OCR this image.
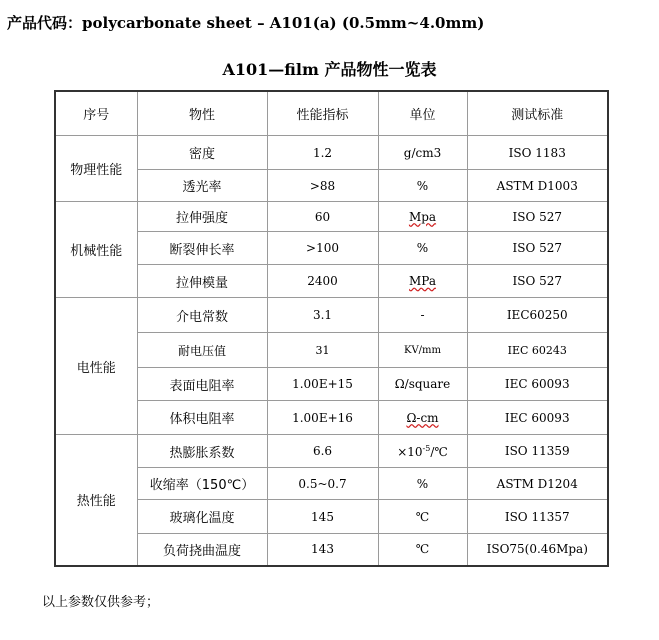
产品代码：polycarbonate sheet – A101(a) (0.5mm~4.0mm)
A101—film 产品物性一览表
序号	物性	性能指标	单位	测试标准
物理性能	密度	1.2	g/cm3	ISO 1183
	透光率	>88	%	ASTM D1003
机械性能	拉伸强度	60	Mpa	ISO 527
	断裂伸长率	>100	%	ISO 527
	拉伸模量	2400	MPa	ISO 527
电性能	介电常数	3.1	-	IEC60250
	耐电压值	31	KV/mm	IEC 60243
	表面电阻率	1.00E+15	Ω/square	IEC 60093
	体积电阻率	1.00E+16	Ω-cm	IEC 60093
热性能	热膨胀系数	6.6	$\times 10^{-5}/℃$	ISO 11359
	收缩率（150℃）	0.5~0.7	%	ASTM D1204
	玻璃化温度	145	℃	ISO 11357
	负荷挠曲温度	143	℃	ISO75(0.46Mpa)
以上参数仅供参考；
